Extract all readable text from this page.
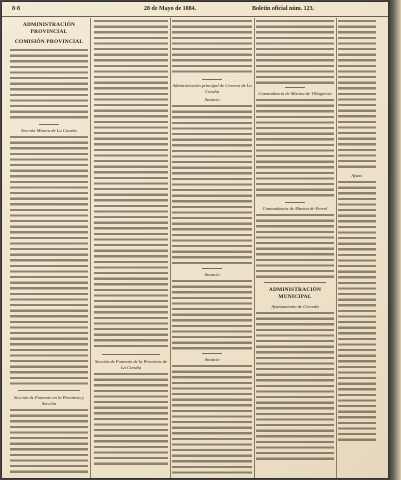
8·8	28 de Mayo de 1884.	Boletin oficial núm. 123.
ADMINISTRACIÓN PROVINCIAL
COMISIÓN PROVINCIAL
Sección Minera de La Coruña
Sección de Fomento en la Provincia y Sección
Sección de Fomento de la Provincia de La Coruña
Administración principal de Correos de La Coruña
Anuncio
Anuncio
Anuncio
Comandancia de Marina de Villagarcía
Comandancia de Marina de Ferrol
ADMINISTRACIÓN MUNICIPAL
Ayuntamiento de Cerceda
Ayunt.
